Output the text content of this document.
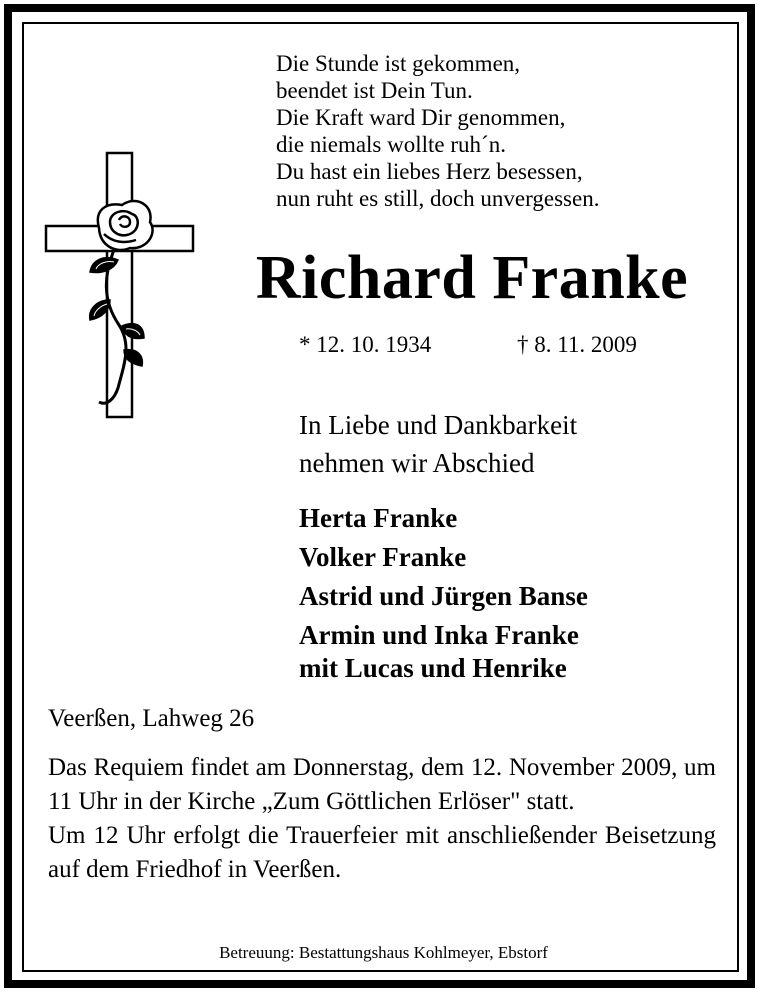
Die Stunde ist gekommen,
beendet ist Dein Tun.
Die Kraft ward Dir genommen,
die niemals wollte ruh´n.
Du hast ein liebes Herz besessen,
nun ruht es still, doch unvergessen.
Richard Franke
* 12. 10. 1934	† 8. 11. 2009
In Liebe und Dankbarkeit
nehmen wir Abschied
Herta Franke
Volker Franke
Astrid und Jürgen Banse
Armin und Inka Franke
mit Lucas und Henrike
Veerßen, Lahweg 26

Das Requiem findet am Donnerstag, dem 12. November 2009, um 11 Uhr in der Kirche „Zum Göttlichen Erlöser" statt.

Um 12 Uhr erfolgt die Trauerfeier mit anschließender Beisetzung auf dem Friedhof in Veerßen.

Betreuung: Bestattungshaus Kohlmeyer, Ebstorf
